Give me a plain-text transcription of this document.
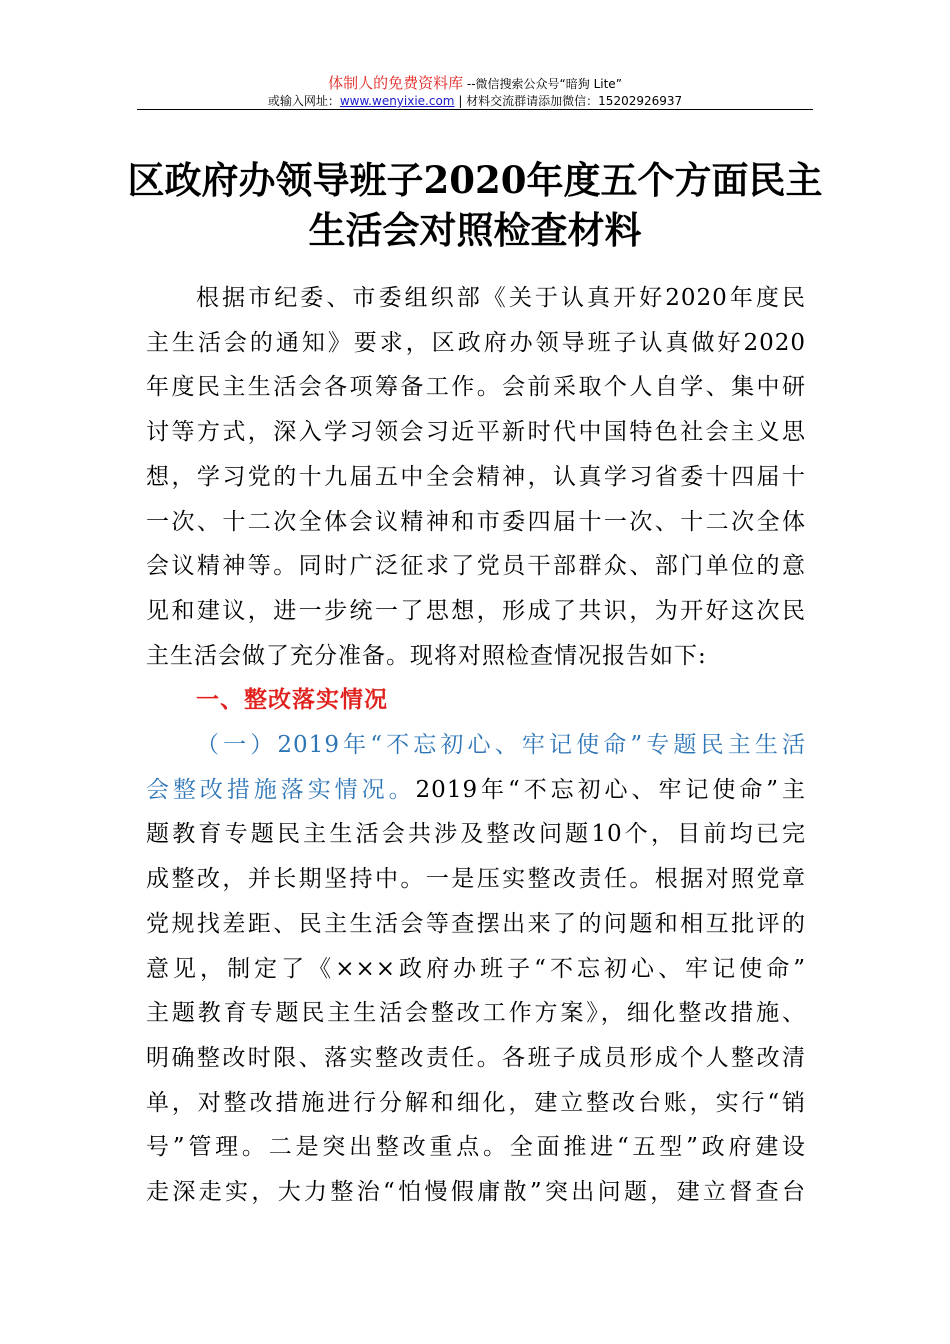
体制人的免费资料库 --微信搜索公众号“暗狗 Lite”
或输入网址：www.wenyixie.com | 材料交流群请添加微信：15202926937
区政府办领导班子2020年度五个方面民主
生活会对照检查材料
根据市纪委、市委组织部《关于认真开好2020年度民
主生活会的通知》要求，区政府办领导班子认真做好2020
年度民主生活会各项筹备工作。会前采取个人自学、集中研
讨等方式，深入学习领会习近平新时代中国特色社会主义思
想，学习党的十九届五中全会精神，认真学习省委十四届十
一次、十二次全体会议精神和市委四届十一次、十二次全体
会议精神等。同时广泛征求了党员干部群众、部门单位的意
见和建议，进一步统一了思想，形成了共识，为开好这次民
主生活会做了充分准备。现将对照检查情况报告如下:
一、整改落实情况
（一）2019年“不忘初心、牢记使命”专题民主生活
会整改措施落实情况。2019年“不忘初心、牢记使命”主
题教育专题民主生活会共涉及整改问题10个，目前均已完
成整改，并长期坚持中。一是压实整改责任。根据对照党章
党规找差距、民主生活会等查摆出来了的问题和相互批评的
意见，制定了《×××政府办班子“不忘初心、牢记使命”
主题教育专题民主生活会整改工作方案》，细化整改措施、
明确整改时限、落实整改责任。各班子成员形成个人整改清
单，对整改措施进行分解和细化，建立整改台账，实行“销
号”管理。二是突出整改重点。全面推进“五型”政府建设
走深走实，大力整治“怕慢假庸散”突出问题，建立督查台
